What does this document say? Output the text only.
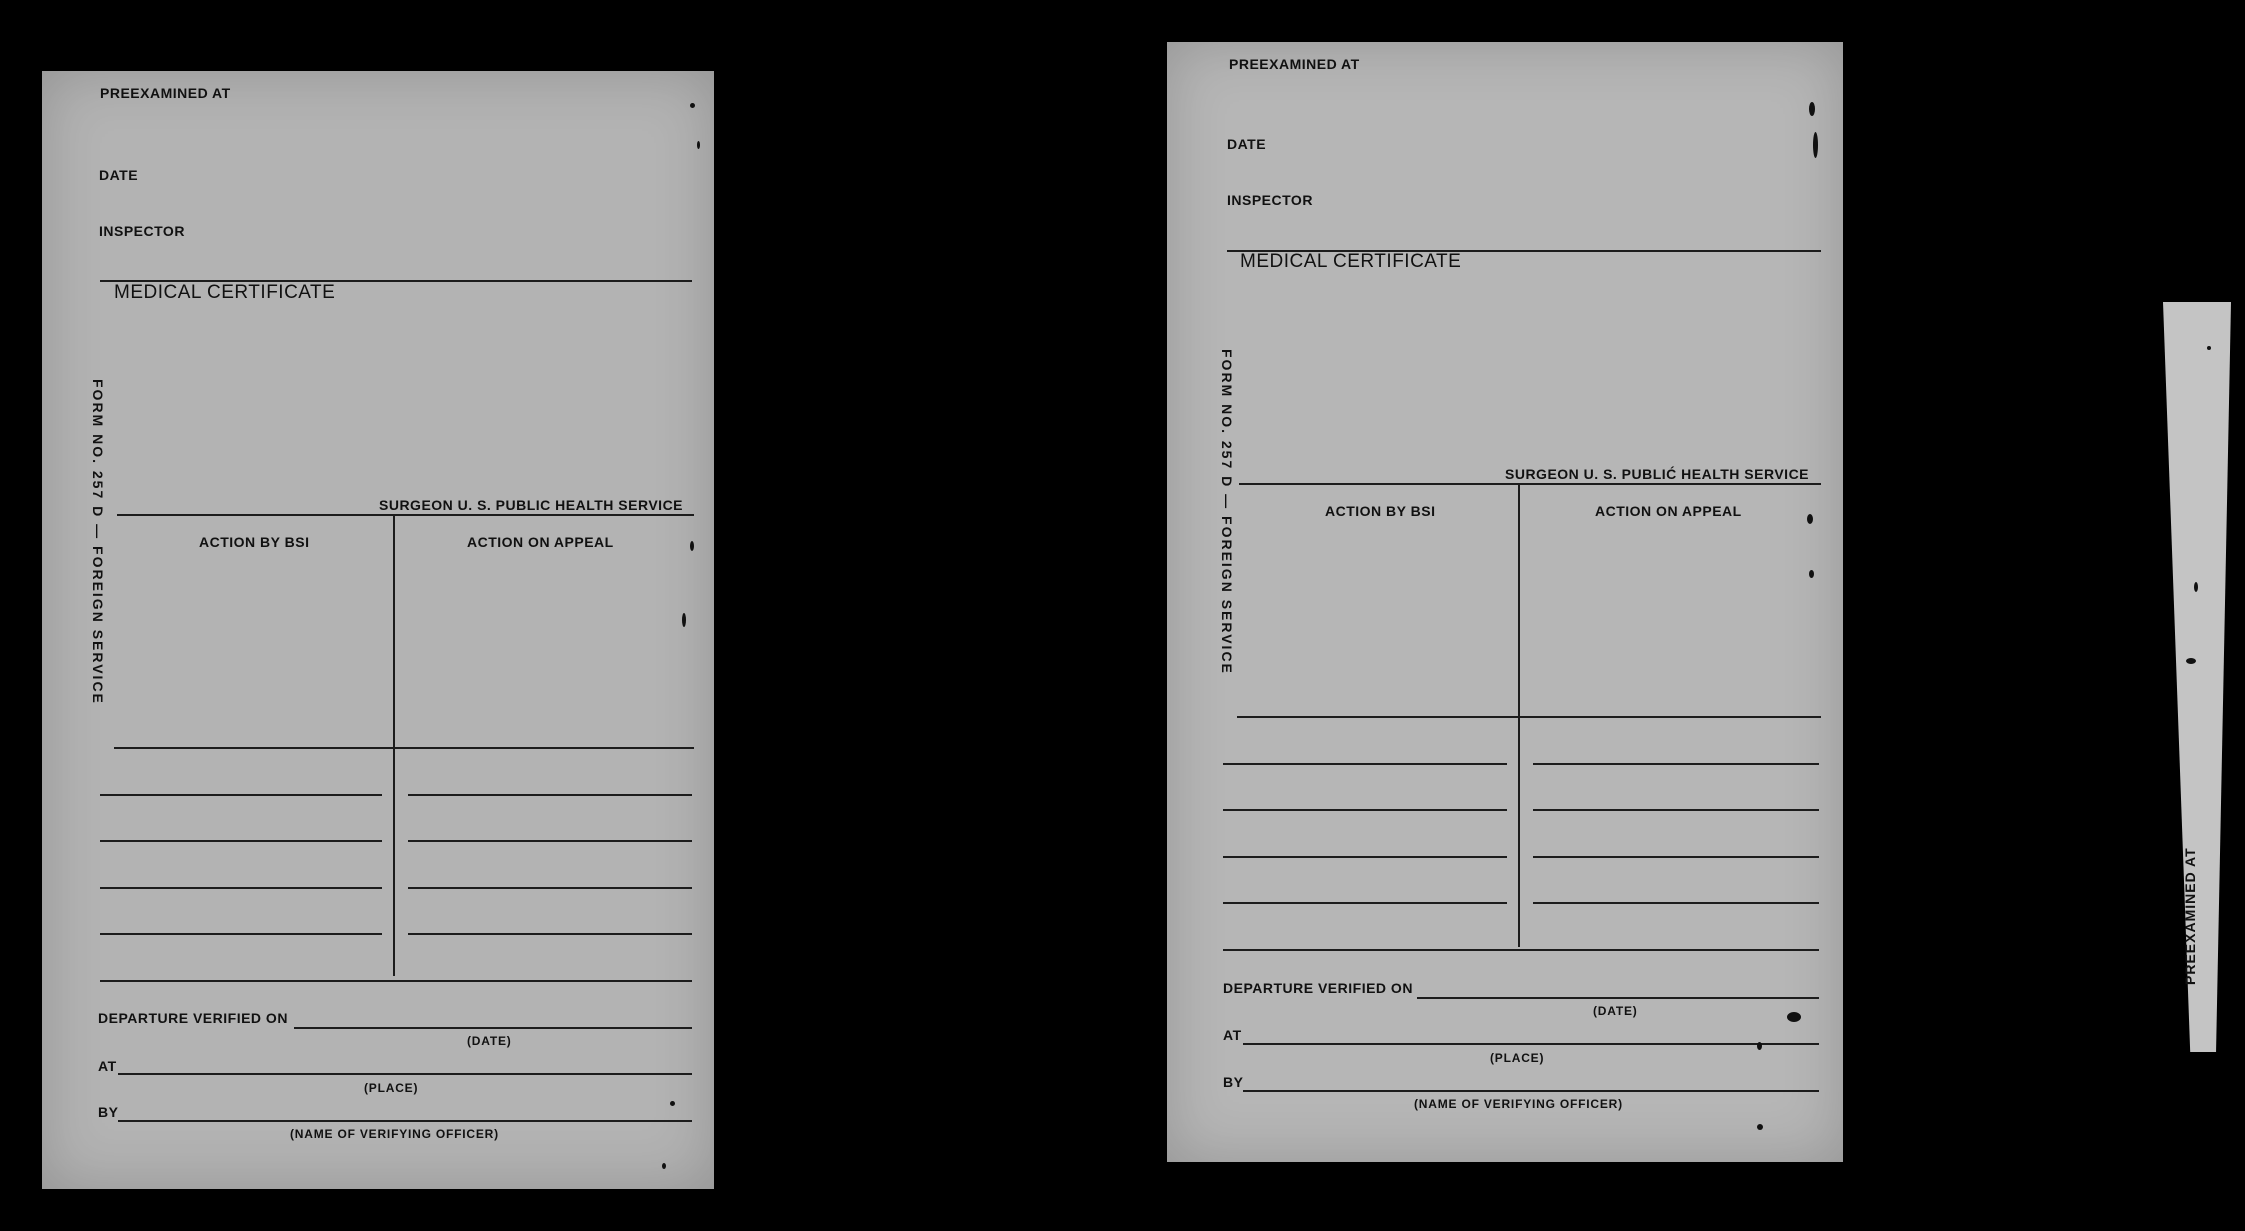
PREEXAMINED AT
DATE
INSPECTOR
MEDICAL CERTIFICATE
FORM NO. 257 D — FOREIGN SERVICE	SURGEON U. S. PUBLIC HEALTH SERVICE
ACTION BY BSI	ACTION ON APPEAL
DEPARTURE VERIFIED ON
(DATE)
AT
(PLACE)
BY
(NAME OF VERIFYING OFFICER)
PREEXAMINED AT
DATE
INSPECTOR
MEDICAL CERTIFICATE
FORM NO. 257 D — FOREIGN SERVICE	SURGEON U. S. PUBLIĆ HEALTH SERVICE
ACTION BY BSI	ACTION ON APPEAL
DEPARTURE VERIFIED ON
(DATE)
AT
(PLACE)
BY
(NAME OF VERIFYING OFFICER)
PREEXAMINED AT
